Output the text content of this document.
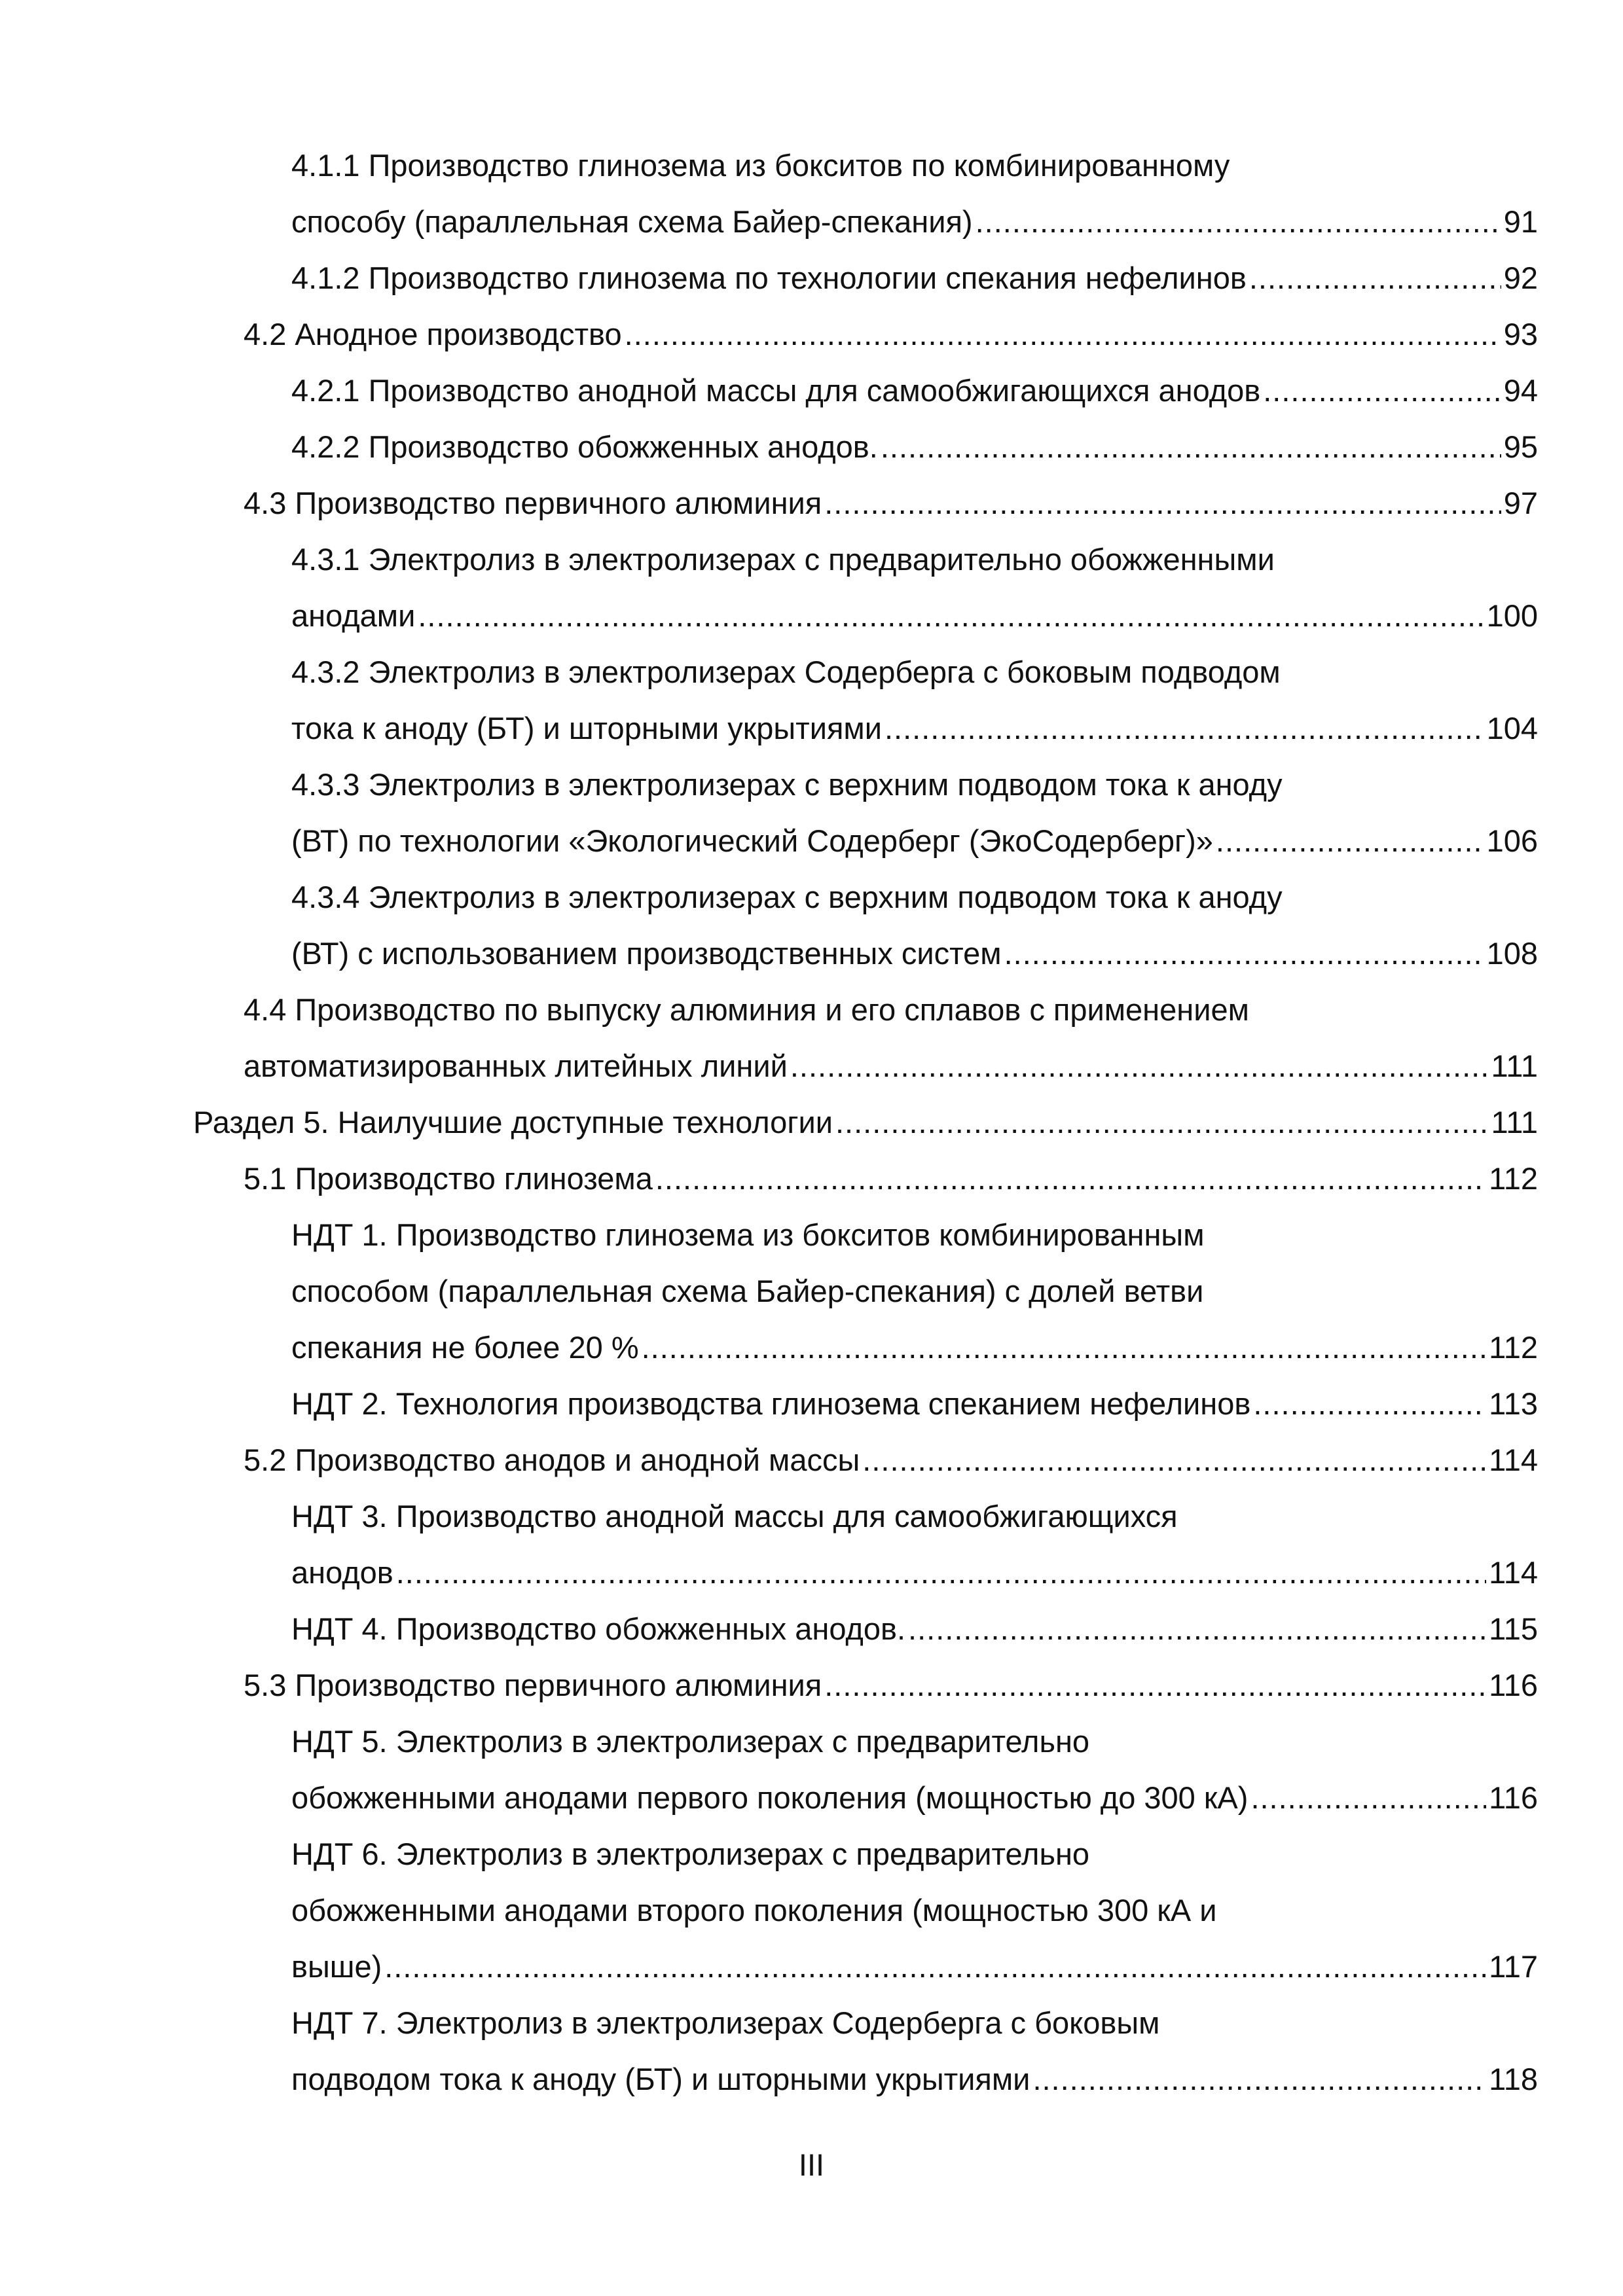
4.1.1 Производство глинозема из бокситов по комбинированному
способу (параллельная схема Байер-спекания) .....	91
4.1.2 Производство глинозема по технологии спекания нефелинов .....	92
4.2 Анодное производство .....	93
4.2.1 Производство анодной массы для самообжигающихся анодов .....	94
4.2.2 Производство обожженных анодов. .....	95
4.3 Производство первичного алюминия .....	97
4.3.1 Электролиз в электролизерах с предварительно обожженными
анодами .....	100
4.3.2 Электролиз в электролизерах Содерберга с боковым подводом
тока к аноду (БТ) и шторными укрытиями .....	104
4.3.3 Электролиз в электролизерах с верхним подводом тока к аноду
(ВТ) по технологии «Экологический Содерберг (ЭкоСодерберг)» .....	106
4.3.4 Электролиз в электролизерах с верхним подводом тока к аноду
(ВТ) с использованием производственных систем .....	108
4.4 Производство по выпуску алюминия и его сплавов с применением
автоматизированных литейных линий .....	111
Раздел 5. Наилучшие доступные технологии .....	111
5.1 Производство глинозема .....	112
НДТ 1. Производство глинозема из бокситов комбинированным
способом (параллельная схема Байер-спекания) с долей ветви
спекания не более 20 % .....	112
НДТ 2. Технология производства глинозема спеканием нефелинов .....	113
5.2 Производство анодов и анодной массы .....	114
НДТ 3. Производство анодной массы для самообжигающихся
анодов .....	114
НДТ 4. Производство обожженных анодов. .....	115
5.3 Производство первичного алюминия .....	116
НДТ 5. Электролиз в электролизерах с предварительно
обожженными анодами первого поколения (мощностью до 300 кА) .....	116
НДТ 6. Электролиз в электролизерах с предварительно
обожженными анодами второго поколения (мощностью 300 кА и
выше) .....	117
НДТ 7. Электролиз в электролизерах Содерберга с боковым
подводом тока к аноду (БТ) и шторными укрытиями .....	118
III
